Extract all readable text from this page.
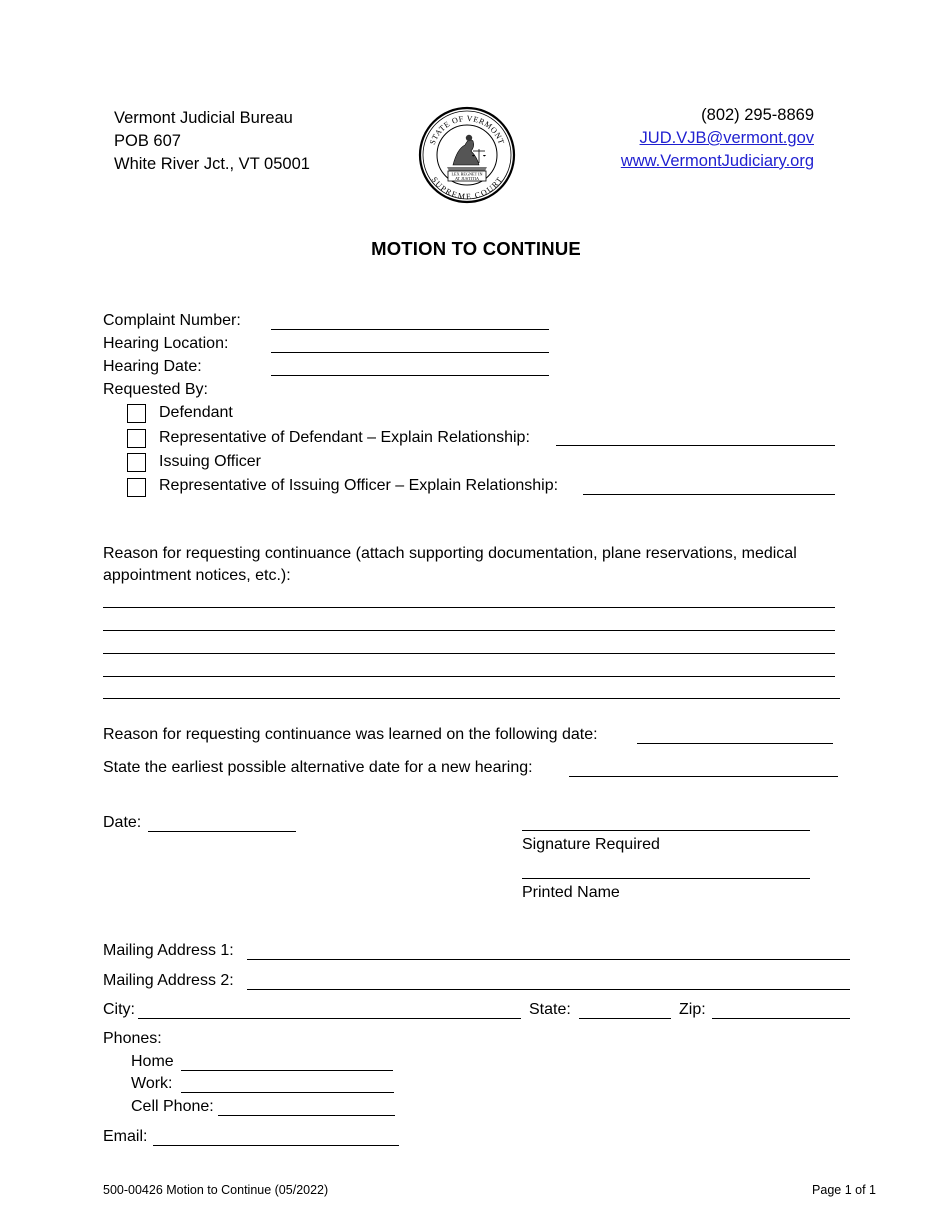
Vermont Judicial Bureau
POB 607
White River Jct., VT 05001
STATE OF VERMONT
SUPREME COURT
LEX REGNET IN
AT JUSTITIA
(802) 295-8869
JUD.VJB@vermont.gov
www.VermontJudiciary.org
MOTION TO CONTINUE
Complaint Number:
Hearing Location:
Hearing Date:
Requested By:
Defendant
Representative of Defendant – Explain Relationship:
Issuing Officer
Representative of Issuing Officer – Explain Relationship:
Reason for requesting continuance (attach supporting documentation, plane reservations, medical
appointment notices, etc.):
Reason for requesting continuance was learned on the following date:
State the earliest possible alternative date for a new hearing:
Date:
Signature Required
Printed Name
Mailing Address 1:
Mailing Address 2:
City:	State:	Zip:
Phones:
Home
Work:
Cell Phone:
Email:
500-00426 Motion to Continue (05/2022)	Page 1 of 1
